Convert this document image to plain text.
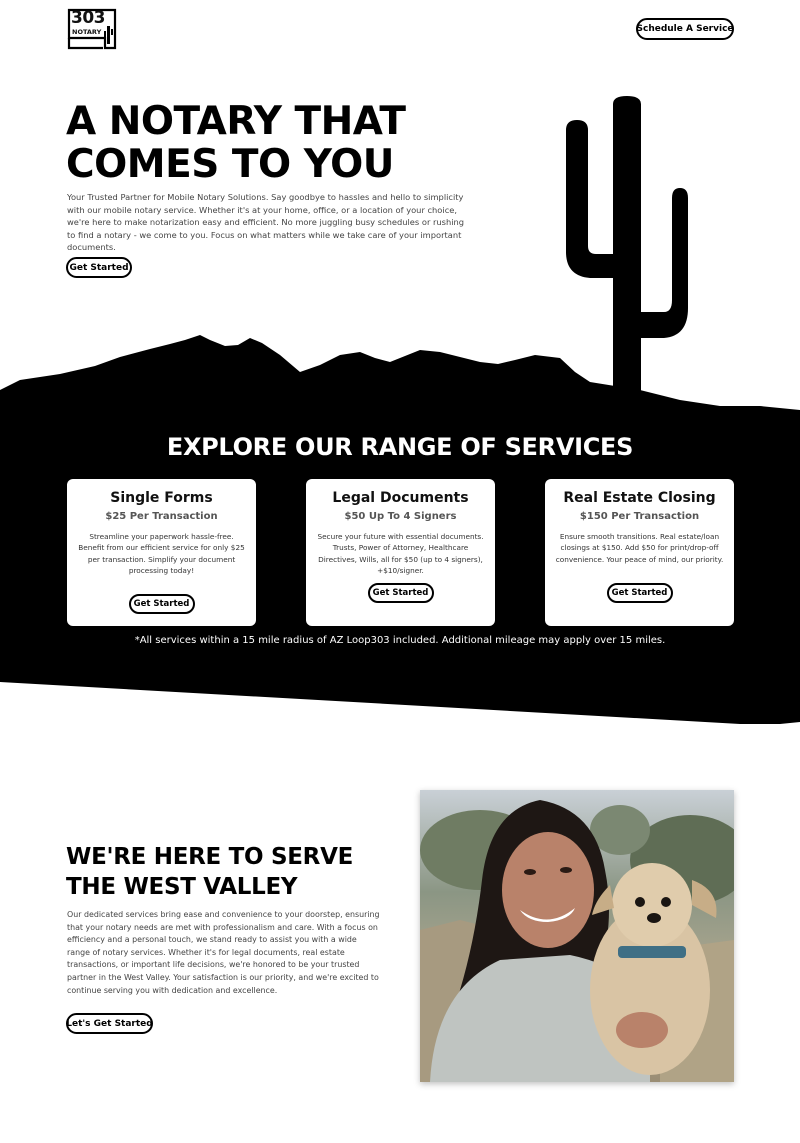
303
NOTARY	Schedule A Service
A NOTARY THAT
COMES TO YOU

Your Trusted Partner for Mobile Notary Solutions. Say goodbye to hassles and hello to simplicity with our mobile notary service. Whether it's at your home, office, or a location of your choice, we're here to make notarization easy and efficient. No more juggling busy schedules or rushing to find a notary - we come to you. Focus on what matters while we take care of your important documents.

Get Started
EXPLORE OUR RANGE OF SERVICES
Single Forms
$25 Per Transaction
Streamline your paperwork hassle-free. Benefit from our efficient service for only $25 per transaction. Simplify your document processing today!
Get Started
Legal Documents
$50 Up To 4 Signers
Secure your future with essential documents. Trusts, Power of Attorney, Healthcare Directives, Wills, all for $50 (up to 4 signers), +$10/signer.
Get Started
Real Estate Closing
$150 Per Transaction
Ensure smooth transitions. Real estate/loan closings at $150. Add $50 for print/drop-off convenience. Your peace of mind, our priority.
Get Started

*All services within a 15 mile radius of AZ Loop303 included. Additional mileage may apply over 15 miles.

WE'RE HERE TO SERVE
THE WEST VALLEY

Our dedicated services bring ease and convenience to your doorstep, ensuring that your notary needs are met with professionalism and care. With a focus on efficiency and a personal touch, we stand ready to assist you with a wide range of notary services. Whether it's for legal documents, real estate transactions, or important life decisions, we're honored to be your trusted partner in the West Valley. Your satisfaction is our priority, and we're excited to continue serving you with dedication and excellence.

Let's Get Started
